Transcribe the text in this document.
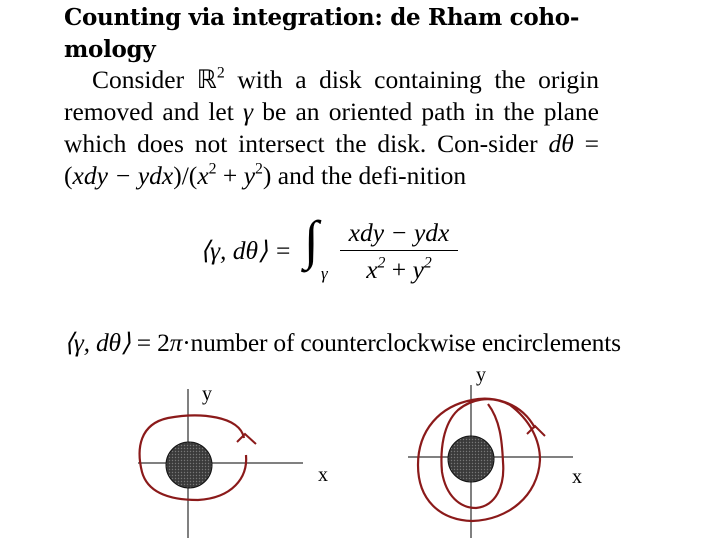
Counting via integration: de Rham coho-
mology
Consider ℝ$^2$ with a disk containing the origin removed and let γ be an oriented path in the plane which does not intersect the disk. Con-sider $d\theta = (xdy - ydx)/(x^2 + y^2)$ and the defi-nition
⟨γ, dθ⟩ = ∫
γ
xdy − ydx
$x^2 + y^2$
⟨γ, dθ⟩ = 2π·number of counterclockwise encirclements
y
x
y
x
